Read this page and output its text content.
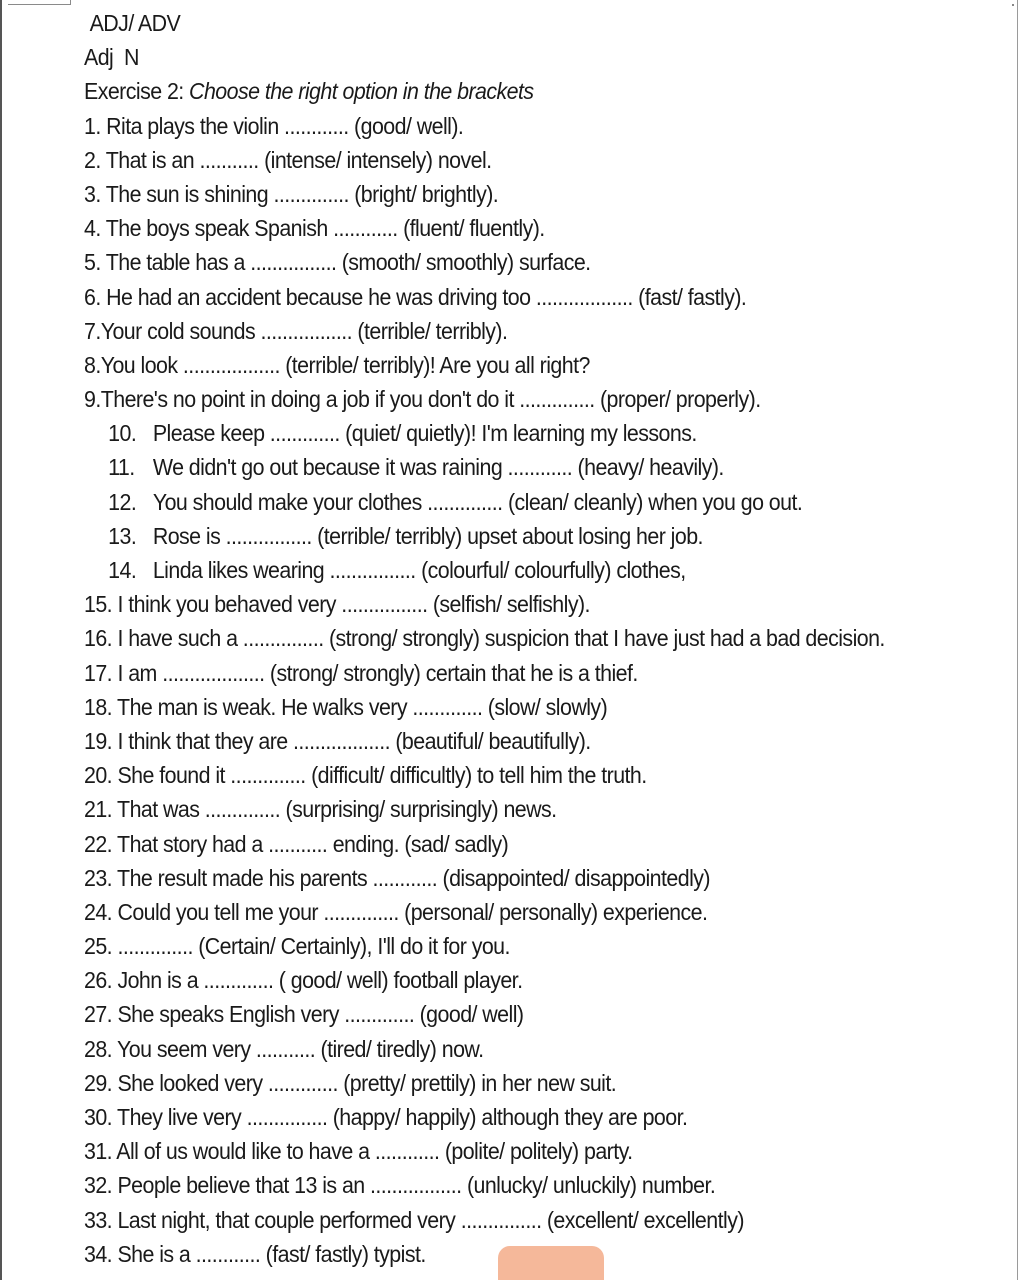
ADJ/ ADV
Adj  N
Exercise 2: Choose the right option in the brackets
1. Rita plays the violin ............ (good/ well).
2. That is an ........... (intense/ intensely) novel.
3. The sun is shining .............. (bright/ brightly).
4. The boys speak Spanish ............ (fluent/ fluently).
5. The table has a ................ (smooth/ smoothly) surface.
6. He had an accident because he was driving too .................. (fast/ fastly).
7.Your cold sounds ................. (terrible/ terribly).
8.You look .................. (terrible/ terribly)! Are you all right?
9.There's no point in doing a job if you don't do it .............. (proper/ properly).
10. Please keep ............. (quiet/ quietly)! I'm learning my lessons.
11. We didn't go out because it was raining ............ (heavy/ heavily).
12. You should make your clothes .............. (clean/ cleanly) when you go out.
13. Rose is ................ (terrible/ terribly) upset about losing her job.
14. Linda likes wearing ................ (colourful/ colourfully) clothes,
15. I think you behaved very ................ (selfish/ selfishly).
16. I have such a ............... (strong/ strongly) suspicion that I have just had a bad decision.
17. I am ................... (strong/ strongly) certain that he is a thief.
18. The man is weak. He walks very ............. (slow/ slowly)
19. I think that they are .................. (beautiful/ beautifully).
20. She found it .............. (difficult/ difficultly) to tell him the truth.
21. That was .............. (surprising/ surprisingly) news.
22. That story had a ........... ending. (sad/ sadly)
23. The result made his parents ............ (disappointed/ disappointedly)
24. Could you tell me your .............. (personal/ personally) experience.
25. .............. (Certain/ Certainly), I'll do it for you.
26. John is a ............. ( good/ well) football player.
27. She speaks English very ............. (good/ well)
28. You seem very ........... (tired/ tiredly) now.
29. She looked very ............. (pretty/ prettily) in her new suit.
30. They live very ............... (happy/ happily) although they are poor.
31. All of us would like to have a ............ (polite/ politely) party.
32. People believe that 13 is an ................. (unlucky/ unluckily) number.
33. Last night, that couple performed very ............... (excellent/ excellently)
34. She is a ............ (fast/ fastly) typist.
